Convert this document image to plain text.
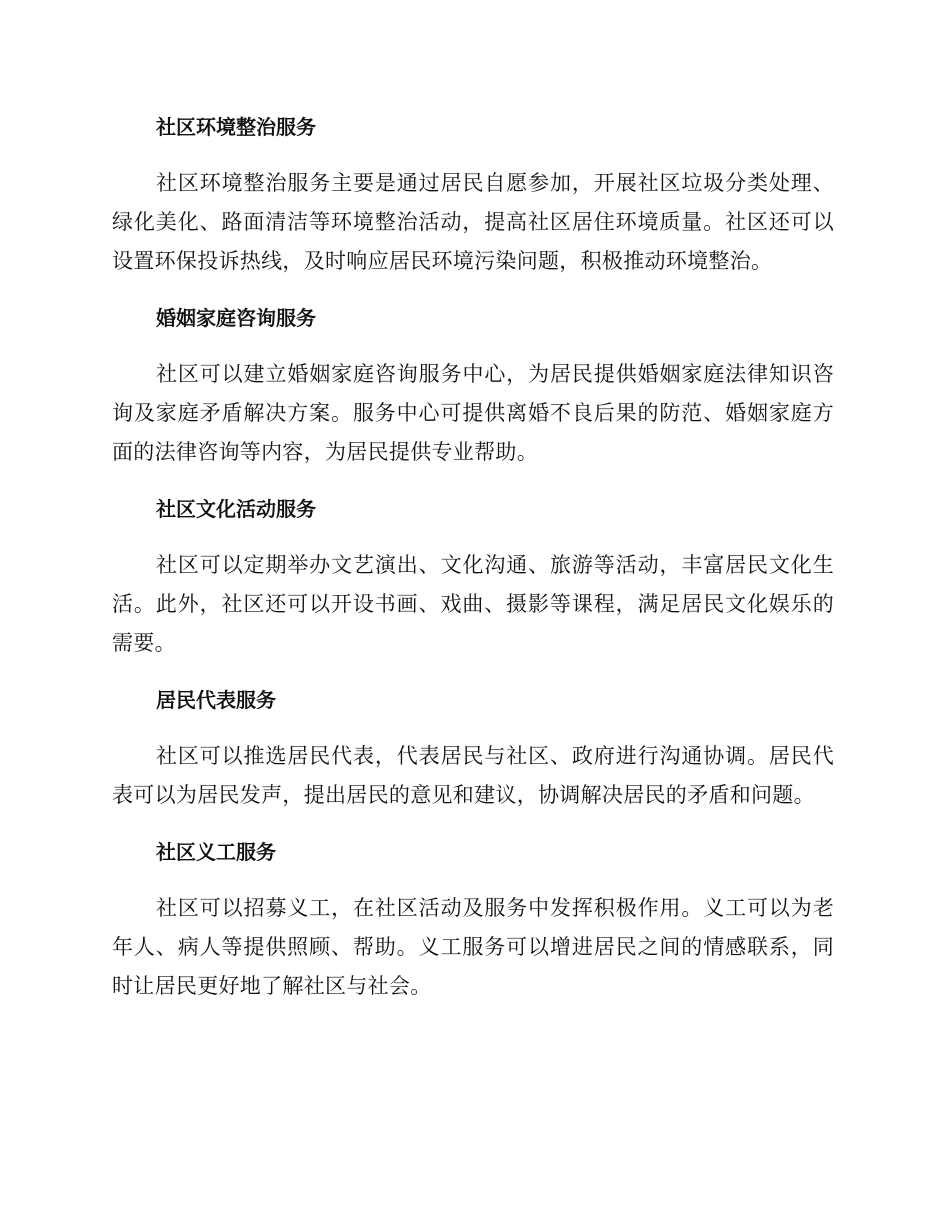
社区环境整治服务

社区环境整治服务主要是通过居民自愿参加，开展社区垃圾分类处理、绿化美化、路面清洁等环境整治活动，提高社区居住环境质量。社区还可以设置环保投诉热线，及时响应居民环境污染问题，积极推动环境整治。

婚姻家庭咨询服务

社区可以建立婚姻家庭咨询服务中心，为居民提供婚姻家庭法律知识咨询及家庭矛盾解决方案。服务中心可提供离婚不良后果的防范、婚姻家庭方面的法律咨询等内容，为居民提供专业帮助。

社区文化活动服务

社区可以定期举办文艺演出、文化沟通、旅游等活动，丰富居民文化生活。此外，社区还可以开设书画、戏曲、摄影等课程，满足居民文化娱乐的需要。

居民代表服务

社区可以推选居民代表，代表居民与社区、政府进行沟通协调。居民代表可以为居民发声，提出居民的意见和建议，协调解决居民的矛盾和问题。

社区义工服务

社区可以招募义工，在社区活动及服务中发挥积极作用。义工可以为老年人、病人等提供照顾、帮助。义工服务可以增进居民之间的情感联系，同时让居民更好地了解社区与社会。
